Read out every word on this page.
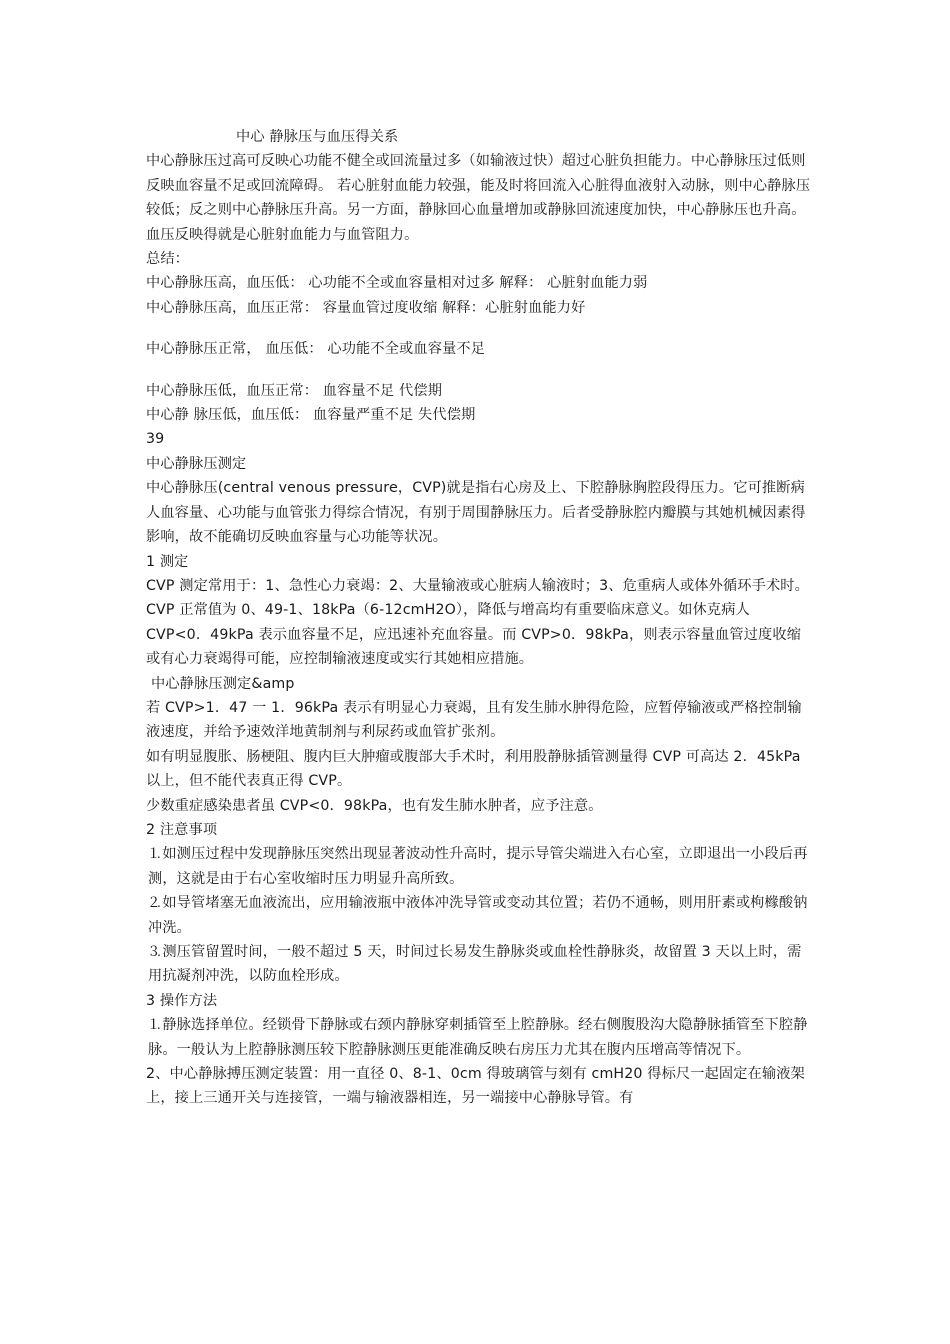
中心 静脉压与血压得关系

中心静脉压过高可反映心功能不健全或回流量过多（如输液过快）超过心脏负担能力。中心静脉压过低则反映血容量不足或回流障碍。 若心脏射血能力较强，能及时将回流入心脏得血液射入动脉，则中心静脉压较低；反之则中心静脉压升高。另一方面，静脉回心血量增加或静脉回流速度加快，中心静脉压也升高。

血压反映得就是心脏射血能力与血管阻力。

总结：

中心静脉压高，血压低： 心功能不全或血容量相对过多 解释： 心脏射血能力弱

中心静脉压高，血压正常： 容量血管过度收缩 解释：心脏射血能力好

中心静脉压正常， 血压低： 心功能不全或血容量不足

中心静脉压低，血压正常： 血容量不足 代偿期

中心静 脉压低，血压低： 血容量严重不足 失代偿期

39

中心静脉压测定

中心静脉压(central venous pressure，CVP)就是指右心房及上、下腔静脉胸腔段得压力。它可推断病人血容量、心功能与血管张力得综合情况，有别于周围静脉压力。后者受静脉腔内瓣膜与其她机械因素得影响，故不能确切反映血容量与心功能等状况。

1 测定

CVP 测定常用于：1、急性心力衰竭：2、大量输液或心脏病人输液时；3、危重病人或体外循环手术时。

CVP 正常值为 0、49-1、18kPa（6-12cmH2O），降低与增高均有重要临床意义。如休克病人 CVP<0．49kPa 表示血容量不足，应迅速补充血容量。而 CVP>0．98kPa，则表示容量血管过度收缩或有心力衰竭得可能，应控制输液速度或实行其她相应措施。

中心静脉压测定&amp

若 CVP>1．47 一 1．96kPa 表示有明显心力衰竭，且有发生肺水肿得危险，应暂停输液或严格控制输液速度，并给予速效洋地黄制剂与利尿药或血管扩张剂。

如有明显腹胀、肠梗阻、腹内巨大肿瘤或腹部大手术时，利用股静脉插管测量得 CVP 可高达 2．45kPa 以上，但不能代表真正得 CVP。

少数重症感染患者虽 CVP<0．98kPa，也有发生肺水肿者，应予注意。

2 注意事项

⒈如测压过程中发现静脉压突然出现显著波动性升高时，提示导管尖端进入右心室，立即退出一小段后再测，这就是由于右心室收缩时压力明显升高所致。

⒉如导管堵塞无血液流出，应用输液瓶中液体冲洗导管或变动其位置；若仍不通畅，则用肝素或枸橼酸钠冲洗。

⒊测压管留置时间，一般不超过 5 天，时间过长易发生静脉炎或血栓性静脉炎，故留置 3 天以上时，需用抗凝剂冲洗，以防血栓形成。

3 操作方法

⒈静脉选择单位。经锁骨下静脉或右颈内静脉穿刺插管至上腔静脉。经右侧腹股沟大隐静脉插管至下腔静脉。一般认为上腔静脉测压较下腔静脉测压更能准确反映右房压力尤其在腹内压增高等情况下。

2、中心静脉搏压测定装置：用一直径 0、8-1、0cm 得玻璃管与刻有 cmH20 得标尺一起固定在输液架上，接上三通开关与连接管，一端与输液器相连，另一端接中心静脉导管。有
